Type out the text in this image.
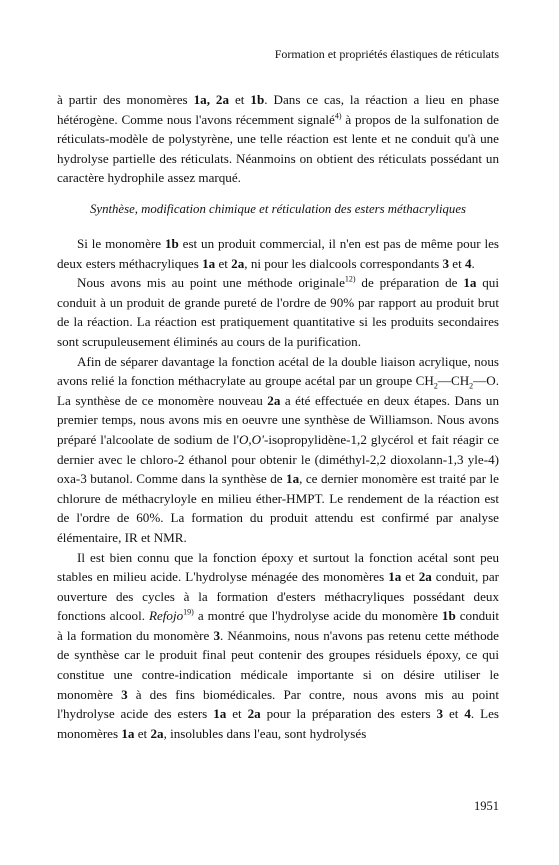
Formation et propriétés élastiques de réticulats

à partir des monomères 1a, 2a et 1b. Dans ce cas, la réaction a lieu en phase hétérogène. Comme nous l'avons récemment signalé$^{4)}$ à propos de la sulfonation de réticulats-modèle de polystyrène, une telle réaction est lente et ne conduit qu'à une hydrolyse partielle des réticulats. Néanmoins on obtient des réticulats possédant un caractère hydrophile assez marqué.

Synthèse, modification chimique et réticulation des esters méthacryliques

Si le monomère 1b est un produit commercial, il n'en est pas de même pour les deux esters méthacryliques 1a et 2a, ni pour les dialcools correspondants 3 et 4.

Nous avons mis au point une méthode originale$^{12)}$ de préparation de 1a qui conduit à un produit de grande pureté de l'ordre de 90% par rapport au produit brut de la réaction. La réaction est pratiquement quantitative si les produits secondaires sont scrupuleusement éliminés au cours de la purification.

Afin de séparer davantage la fonction acétal de la double liaison acrylique, nous avons relié la fonction méthacrylate au groupe acétal par un groupe $CH_2—CH_2—O$. La synthèse de ce monomère nouveau 2a a été effectuée en deux étapes. Dans un premier temps, nous avons mis en oeuvre une synthèse de Williamson. Nous avons préparé l'alcoolate de sodium de l'O,O'-isopropylidène-1,2 glycérol et fait réagir ce dernier avec le chloro-2 éthanol pour obtenir le (diméthyl-2,2 dioxolann-1,3 yle-4) oxa-3 butanol. Comme dans la synthèse de 1a, ce dernier monomère est traité par le chlorure de méthacryloyle en milieu éther-HMPT. Le rendement de la réaction est de l'ordre de 60%. La formation du produit attendu est confirmé par analyse élémentaire, IR et NMR.

Il est bien connu que la fonction époxy et surtout la fonction acétal sont peu stables en milieu acide. L'hydrolyse ménagée des monomères 1a et 2a conduit, par ouverture des cycles à la formation d'esters méthacryliques possédant deux fonctions alcool. Refojo$^{19)}$ a montré que l'hydrolyse acide du monomère 1b conduit à la formation du monomère 3. Néanmoins, nous n'avons pas retenu cette méthode de synthèse car le produit final peut contenir des groupes résiduels époxy, ce qui constitue une contre-indication médicale importante si on désire utiliser le monomère 3 à des fins biomédicales. Par contre, nous avons mis au point l'hydrolyse acide des esters 1a et 2a pour la préparation des esters 3 et 4. Les monomères 1a et 2a, insolubles dans l'eau, sont hydrolysés

1951
